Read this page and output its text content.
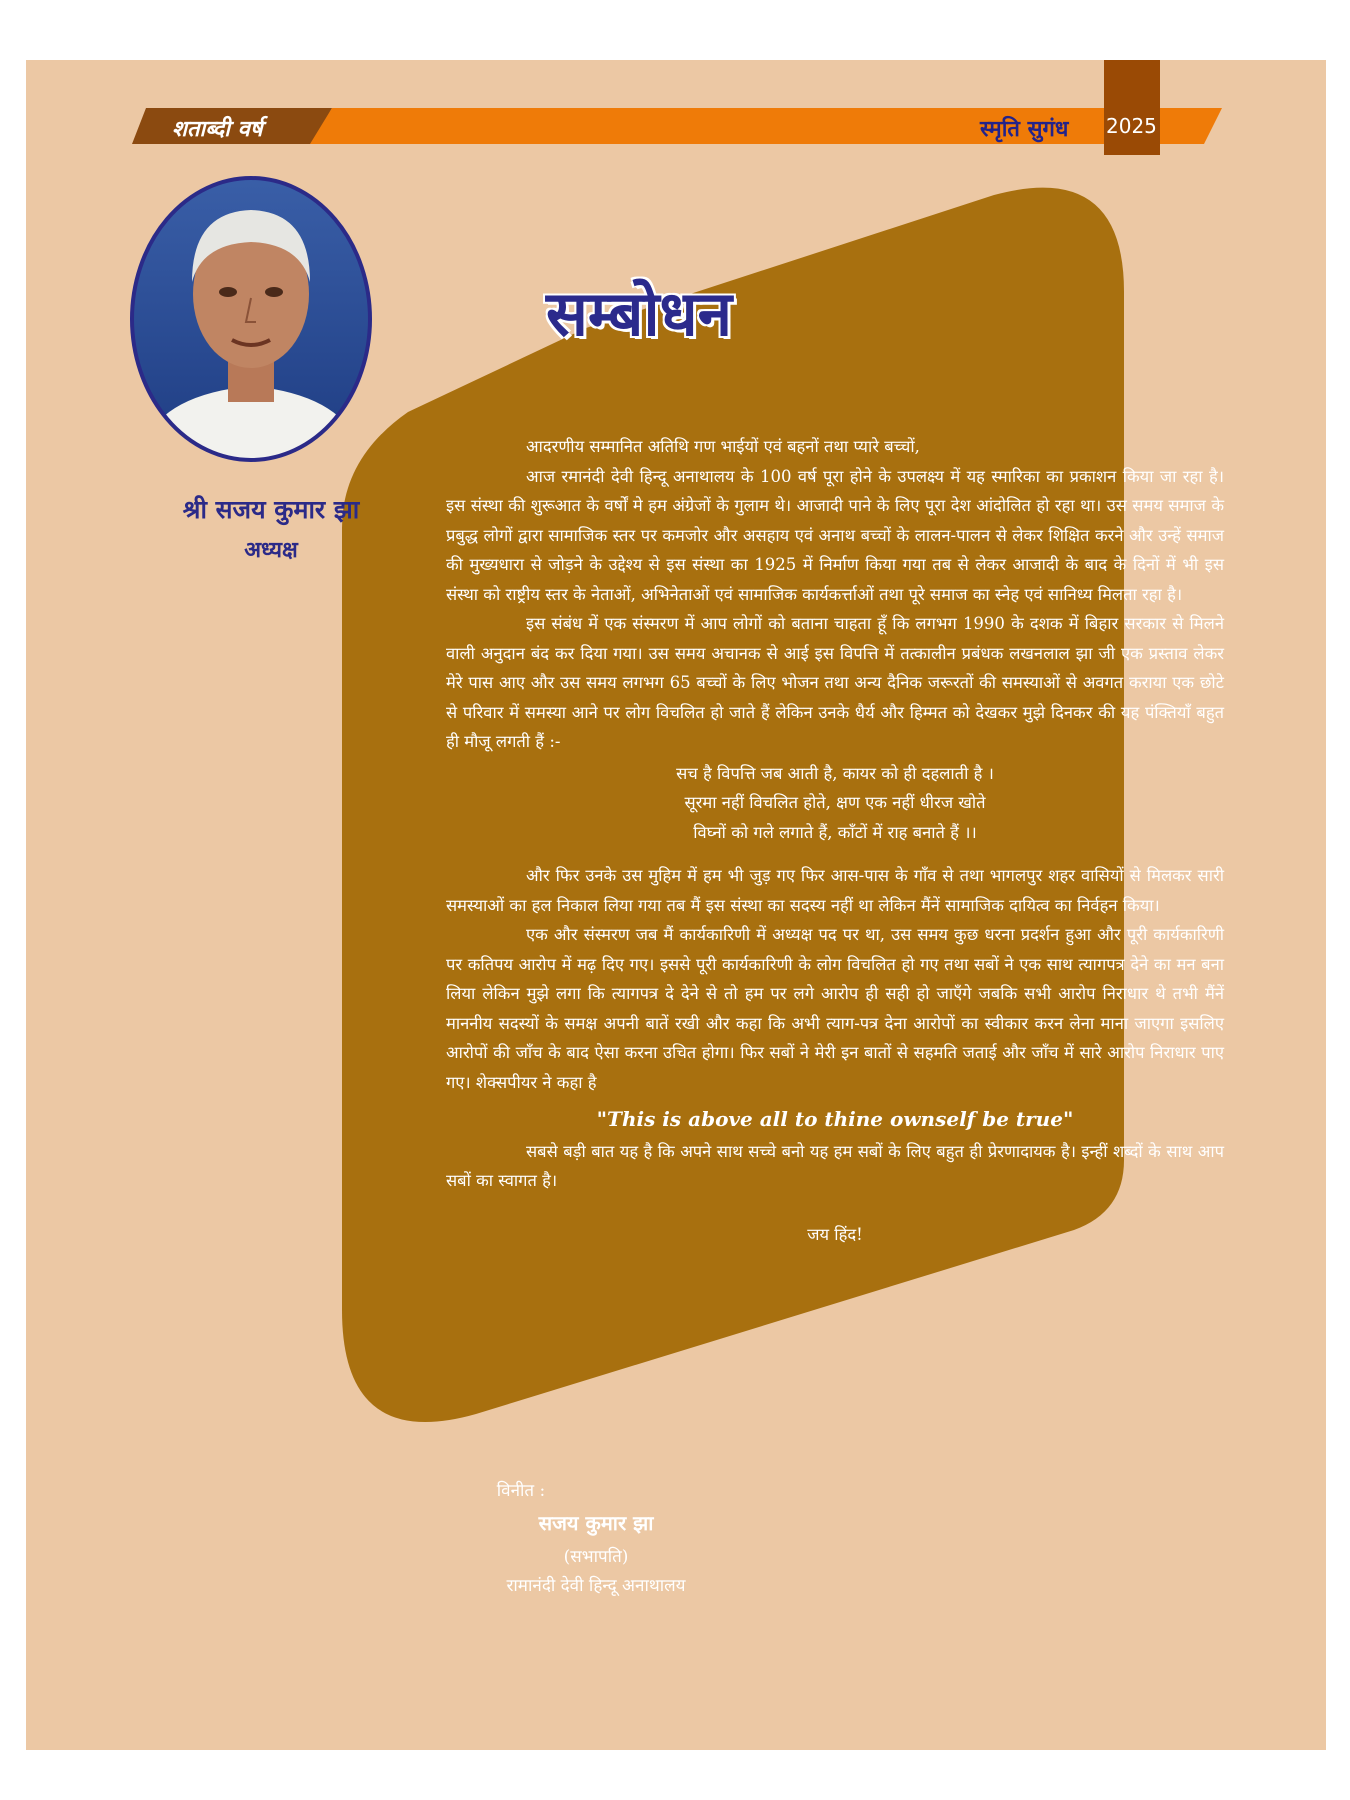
शताब्दी वर्ष	स्मृति सुगंध 2025
श्री सजय कुमार झा
अध्यक्ष
सम्बोधन

आदरणीय सम्मानित अतिथि गण भाईयों एवं बहनों तथा प्यारे बच्चों,

आज रमानंदी देवी हिन्दू अनाथालय के 100 वर्ष पूरा होने के उपलक्ष्य में यह स्मारिका का प्रकाशन किया जा रहा है। इस संस्था की शुरूआत के वर्षों मे हम अंग्रेजों के गुलाम थे। आजादी पाने के लिए पूरा देश आंदोलित हो रहा था। उस समय समाज के प्रबुद्ध लोगों द्वारा सामाजिक स्तर पर कमजोर और असहाय एवं अनाथ बच्चों के लालन-पालन से लेकर शिक्षित करने और उन्हें समाज की मुख्यधारा से जोड़ने के उद्देश्य से इस संस्था का 1925 में निर्माण किया गया तब से लेकर आजादी के बाद के दिनों में भी इस संस्था को राष्ट्रीय स्तर के नेताओं, अभिनेताओं एवं सामाजिक कार्यकर्त्ताओं तथा पूरे समाज का स्नेह एवं सानिध्य मिलता रहा है।

इस संबंध में एक संस्मरण में आप लोगों को बताना चाहता हूँ कि लगभग 1990 के दशक में बिहार सरकार से मिलने वाली अनुदान बंद कर दिया गया। उस समय अचानक से आई इस विपत्ति में तत्कालीन प्रबंधक लखनलाल झा जी एक प्रस्ताव लेकर मेरे पास आए और उस समय लगभग 65 बच्चों के लिए भोजन तथा अन्य दैनिक जरूरतों की समस्याओं से अवगत कराया एक छोटे से परिवार में समस्या आने पर लोग विचलित हो जाते हैं लेकिन उनके धैर्य और हिम्मत को देखकर मुझे दिनकर की यह पंक्तियाँ बहुत ही मौजू लगती हैं :-

सच है विपत्ति जब आती है, कायर को ही दहलाती है ।

सूरमा नहीं विचलित होते, क्षण एक नहीं धीरज खोते

विघ्नों को गले लगाते हैं, काँटों में राह बनाते हैं ।।

और फिर उनके उस मुहिम में हम भी जुड़ गए फिर आस-पास के गाँव से तथा भागलपुर शहर वासियों से मिलकर सारी समस्याओं का हल निकाल लिया गया तब मैं इस संस्था का सदस्य नहीं था लेकिन मैंनें सामाजिक दायित्व का निर्वहन किया।

एक और संस्मरण जब मैं कार्यकारिणी में अध्यक्ष पद पर था, उस समय कुछ धरना प्रदर्शन हुआ और पूरी कार्यकारिणी पर कतिपय आरोप में मढ़ दिए गए। इससे पूरी कार्यकारिणी के लोग विचलित हो गए तथा सबों ने एक साथ त्यागपत्र देने का मन बना लिया लेकिन मुझे लगा कि त्यागपत्र दे देने से तो हम पर लगे आरोप ही सही हो जाएँगे जबकि सभी आरोप निराधार थे तभी मैंनें माननीय सदस्यों के समक्ष अपनी बातें रखी और कहा कि अभी त्याग-पत्र देना आरोपों का स्वीकार करन लेना माना जाएगा इसलिए आरोपों की जाँच के बाद ऐसा करना उचित होगा। फिर सबों ने मेरी इन बातों से सहमति जताई और जाँच में सारे आरोप निराधार पाए गए। शेक्सपीयर ने कहा है

"This is above all to thine ownself be true"

सबसे बड़ी बात यह है कि अपने साथ सच्चे बनो यह हम सबों के लिए बहुत ही प्रेरणादायक है। इन्हीं शब्दों के साथ आप सबों का स्वागत है।

जय हिंद!

विनीत :
सजय कुमार झा
(सभापति)
रामानंदी देवी हिन्दू अनाथालय
